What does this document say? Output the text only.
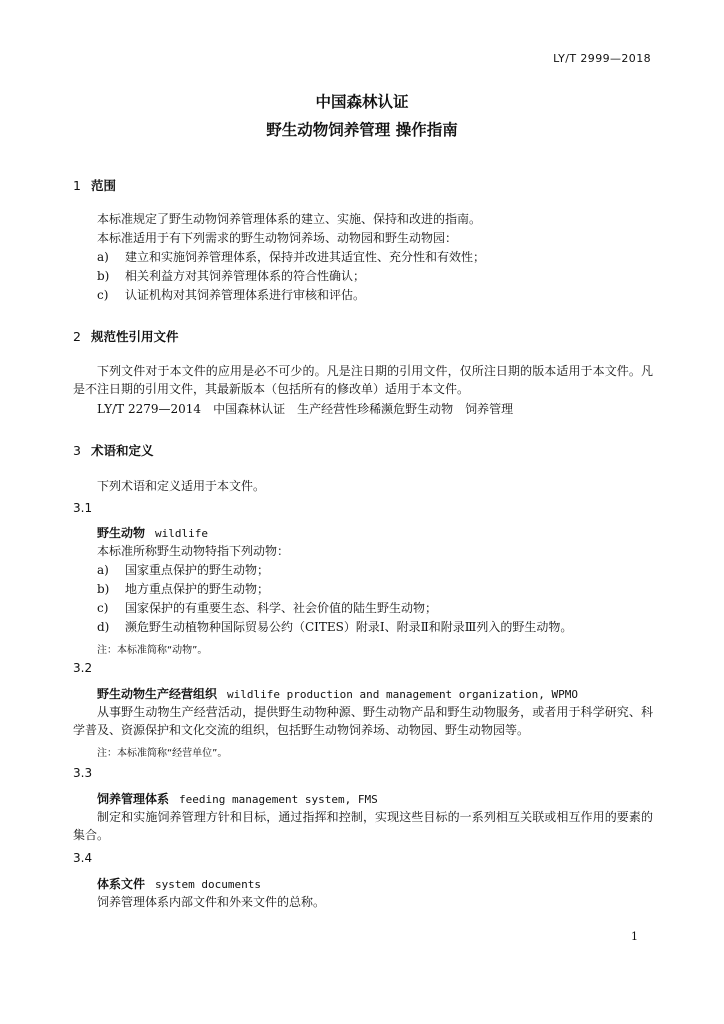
LY/T 2999—2018
中国森林认证
野生动物饲养管理 操作指南
1 范围
本标准规定了野生动物饲养管理体系的建立、实施、保持和改进的指南。
本标准适用于有下列需求的野生动物饲养场、动物园和野生动物园：
a) 建立和实施饲养管理体系，保持并改进其适宜性、充分性和有效性；
b) 相关利益方对其饲养管理体系的符合性确认；
c) 认证机构对其饲养管理体系进行审核和评估。
2 规范性引用文件
下列文件对于本文件的应用是必不可少的。凡是注日期的引用文件，仅所注日期的版本适用于本文件。凡是不注日期的引用文件，其最新版本（包括所有的修改单）适用于本文件。
LY/T 2279—2014　中国森林认证　生产经营性珍稀濒危野生动物　饲养管理
3 术语和定义
下列术语和定义适用于本文件。
3.1
野生动物 wildlife
本标准所称野生动物特指下列动物：
a) 国家重点保护的野生动物；
b) 地方重点保护的野生动物；
c) 国家保护的有重要生态、科学、社会价值的陆生野生动物；
d) 濒危野生动植物种国际贸易公约（CITES）附录Ⅰ、附录Ⅱ和附录Ⅲ列入的野生动物。
注：本标准简称“动物”。
3.2
野生动物生产经营组织 wildlife production and management organization, WPMO
从事野生动物生产经营活动，提供野生动物种源、野生动物产品和野生动物服务，或者用于科学研究、科学普及、资源保护和文化交流的组织，包括野生动物饲养场、动物园、野生动物园等。
注：本标准简称“经营单位”。
3.3
饲养管理体系 feeding management system, FMS
制定和实施饲养管理方针和目标，通过指挥和控制，实现这些目标的一系列相互关联或相互作用的要素的集合。
3.4
体系文件 system documents
饲养管理体系内部文件和外来文件的总称。
1
